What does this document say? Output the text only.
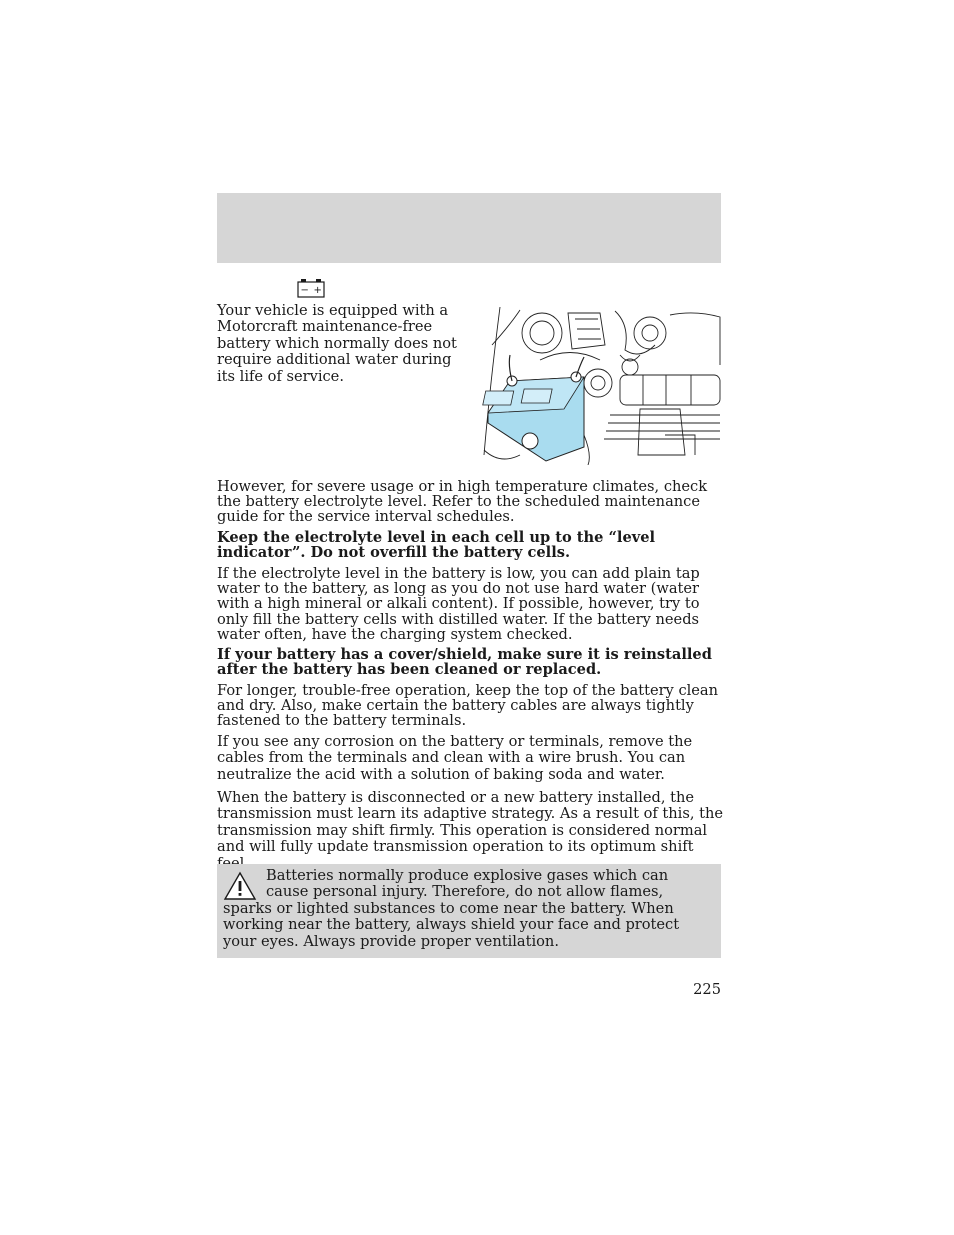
− +
Your vehicle is equipped with a Motorcraft maintenance-free battery which normally does not require additional water during its life of service.

However, for severe usage or in high temperature climates, check the battery electrolyte level. Refer to the scheduled maintenance guide for the service interval schedules.

Keep the electrolyte level in each cell up to the “level indicator”. Do not overfill the battery cells.

If the electrolyte level in the battery is low, you can add plain tap water to the battery, as long as you do not use hard water (water with a high mineral or alkali content). If possible, however, try to only fill the battery cells with distilled water. If the battery needs water often, have the charging system checked.

If your battery has a cover/shield, make sure it is reinstalled after the battery has been cleaned or replaced.

For longer, trouble-free operation, keep the top of the battery clean and dry. Also, make certain the battery cables are always tightly fastened to the battery terminals.

If you see any corrosion on the battery or terminals, remove the cables from the terminals and clean with a wire brush. You can neutralize the acid with a solution of baking soda and water.

When the battery is disconnected or a new battery installed, the transmission must learn its adaptive strategy. As a result of this, the transmission may shift firmly. This operation is considered normal and will fully update transmission operation to its optimum shift

Batteries normally produce explosive gases which can cause personal injury. Therefore, do not allow flames, sparks or lighted substances to come near the battery. When working near the battery, always shield your face and protect your eyes. Always provide proper ventilation.

225
